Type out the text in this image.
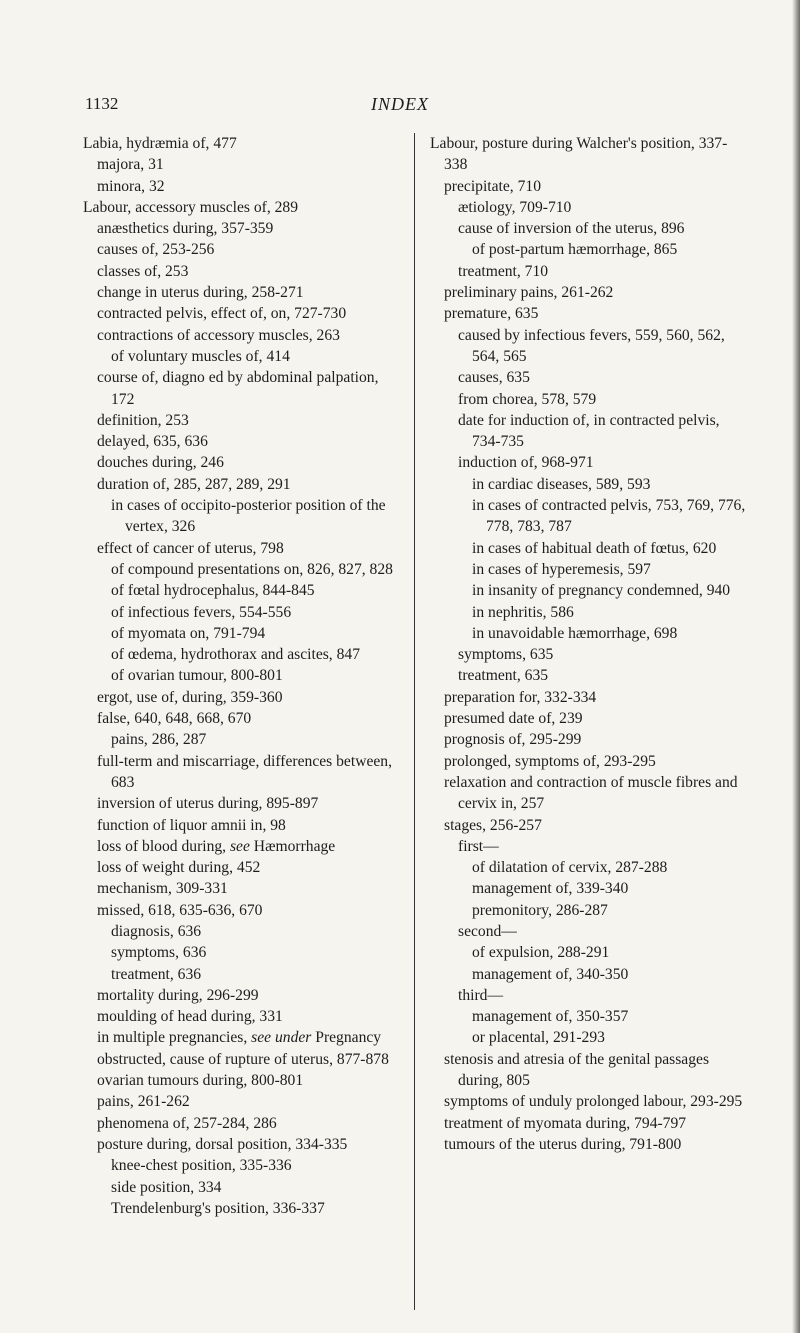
1132	INDEX

Labia, hydræmia of, 477

majora, 31

minora, 32

Labour, accessory muscles of, 289

anæsthetics during, 357-359

causes of, 253-256

classes of, 253

change in uterus during, 258-271

contracted pelvis, effect of, on, 727-730

contractions of accessory muscles, 263

of voluntary muscles of, 414

course of, diagno ed by abdominal palpation, 172

definition, 253

delayed, 635, 636

douches during, 246

duration of, 285, 287, 289, 291

in cases of occipito-posterior position of the vertex, 326

effect of cancer of uterus, 798

of compound presentations on, 826, 827, 828

of fœtal hydrocephalus, 844-845

of infectious fevers, 554-556

of myomata on, 791-794

of œdema, hydrothorax and ascites, 847

of ovarian tumour, 800-801

ergot, use of, during, 359-360

false, 640, 648, 668, 670

pains, 286, 287

full-term and miscarriage, differences between, 683

inversion of uterus during, 895-897

function of liquor amnii in, 98

loss of blood during, see Hæmorrhage

loss of weight during, 452

mechanism, 309-331

missed, 618, 635-636, 670

diagnosis, 636

symptoms, 636

treatment, 636

mortality during, 296-299

moulding of head during, 331

in multiple pregnancies, see under Pregnancy

obstructed, cause of rupture of uterus, 877-878

ovarian tumours during, 800-801

pains, 261-262

phenomena of, 257-284, 286

posture during, dorsal position, 334-335

knee-chest position, 335-336

side position, 334

Trendelenburg's position, 336-337

Labour, posture during Walcher's position, 337-338

precipitate, 710

ætiology, 709-710

cause of inversion of the uterus, 896

of post-partum hæmorrhage, 865

treatment, 710

preliminary pains, 261-262

premature, 635

caused by infectious fevers, 559, 560, 562, 564, 565

causes, 635

from chorea, 578, 579

date for induction of, in contracted pelvis, 734-735

induction of, 968-971

in cardiac diseases, 589, 593

in cases of contracted pelvis, 753, 769, 776, 778, 783, 787

in cases of habitual death of fœtus, 620

in cases of hyperemesis, 597

in insanity of pregnancy condemned, 940

in nephritis, 586

in unavoidable hæmorrhage, 698

symptoms, 635

treatment, 635

preparation for, 332-334

presumed date of, 239

prognosis of, 295-299

prolonged, symptoms of, 293-295

relaxation and contraction of muscle fibres and cervix in, 257

stages, 256-257

first—

of dilatation of cervix, 287-288

management of, 339-340

premonitory, 286-287

second—

of expulsion, 288-291

management of, 340-350

third—

management of, 350-357

or placental, 291-293

stenosis and atresia of the genital passages during, 805

symptoms of unduly prolonged labour, 293-295

treatment of myomata during, 794-797

tumours of the uterus during, 791-800
